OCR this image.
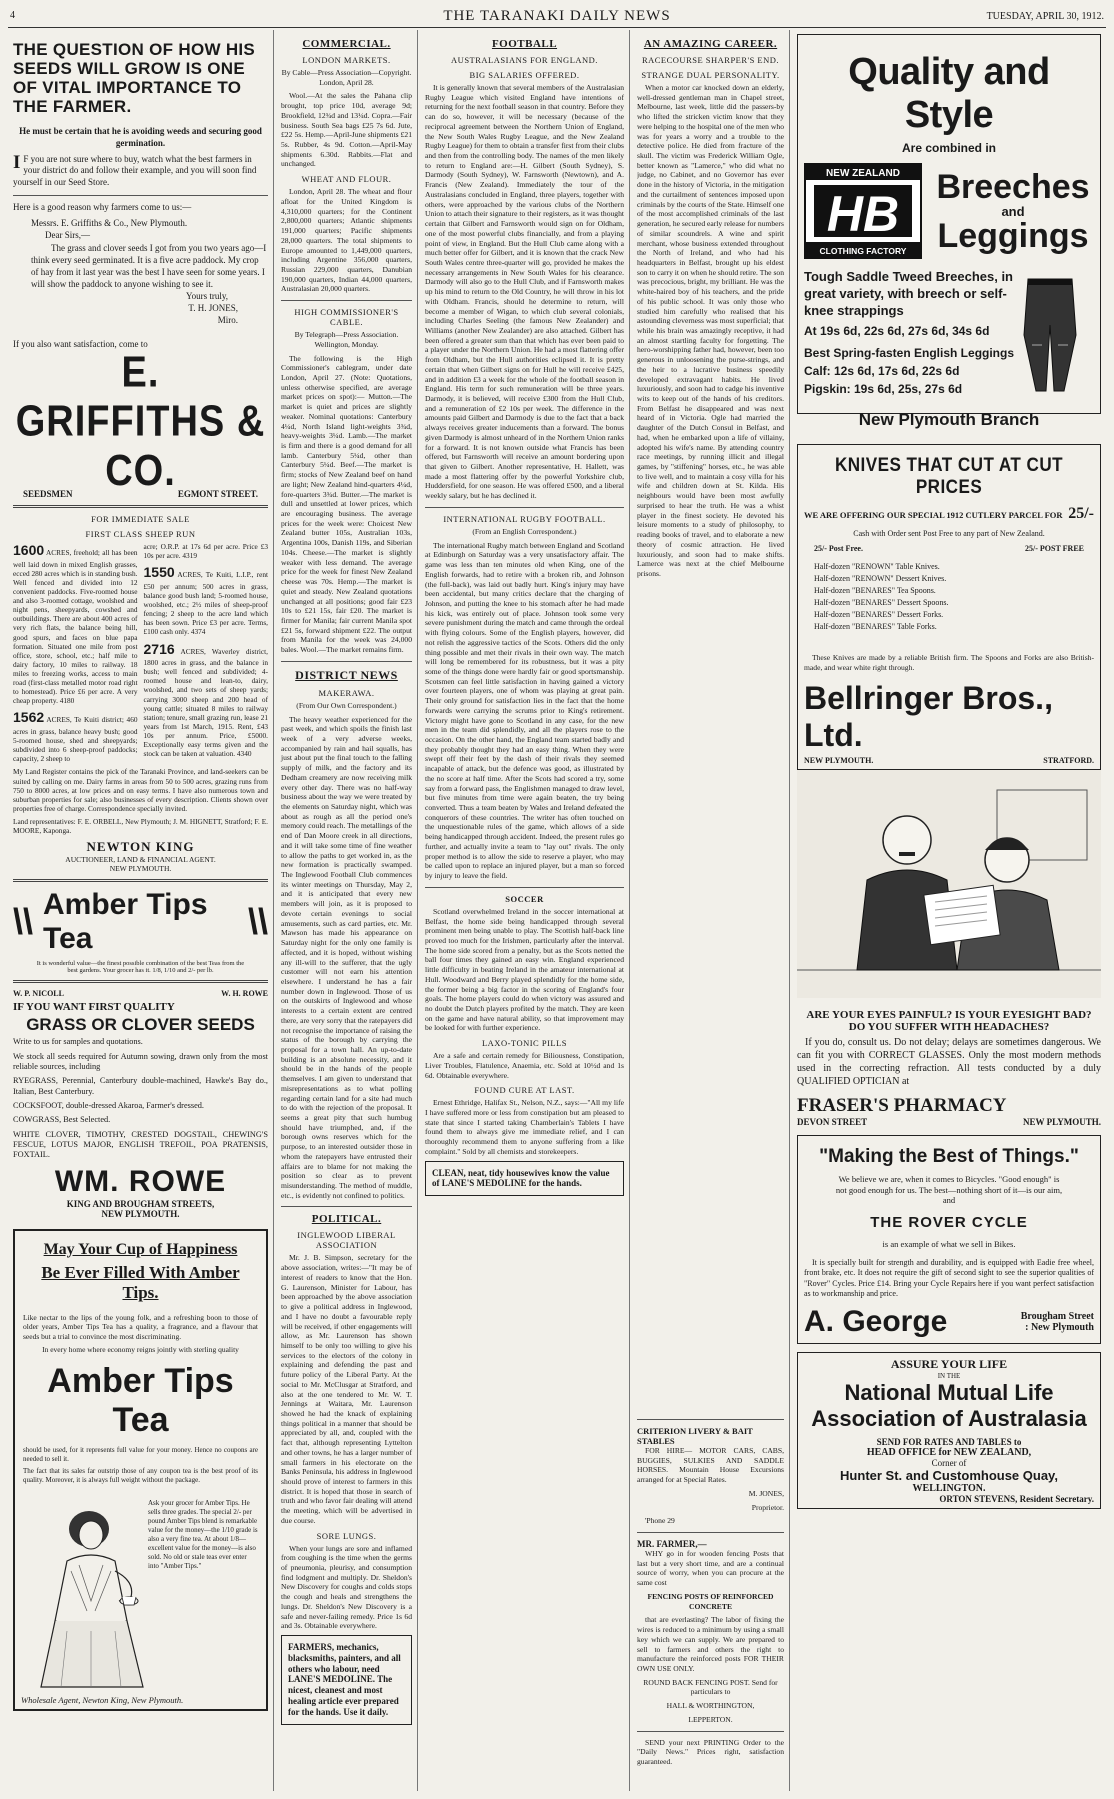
4	THE TARANAKI DAILY NEWS	TUESDAY, APRIL 30, 1912.
THE QUESTION OF HOW HIS SEEDS WILL GROW IS ONE OF VITAL IMPORTANCE TO THE FARMER.
He must be certain that he is avoiding weeds and securing good germination.
I F you are not sure where to buy, watch what the best farmers in your district do and follow their example, and you will soon find yourself in our Seed Store.
Here is a good reason why farmers come to us:—
Messrs. E. Griffiths & Co., New Plymouth.
Dear Sirs,—
The grass and clover seeds I got from you two years ago—I think every seed germinated. It is a five acre paddock. My crop of hay from it last year was the best I have seen for some years. I will show the paddock to anyone wishing to see it.
Yours truly,
T. H. JONES,
Miro.
If you also want satisfaction, come to
E. GRIFFITHS & CO.
SEEDSMEN	EGMONT STREET.
FOR IMMEDIATE SALE
FIRST CLASS SHEEP RUN
1600 ACRES, freehold; all has been well laid down in mixed English grasses, ecced 280 acres which is in standing bush. Well fenced and divided into 12 convenient paddocks. Five-roomed house and also 3-roomed cottage, woolshed and night pens, sheepyards, cowshed and outbuildings. There are about 400 acres of very rich flats, the balance being hill, good spurs, and faces on blue papa formation. Situated one mile from post office, store, school, etc.; half mile to dairy factory, 10 miles to railway. 18 miles to freezing works, access to main road (first-class metalled motor road right to homestead). Price £6 per acre. A very cheap property. 4180
1562 ACRES, Te Kuiti district; 460 acres in grass, balance heavy bush; good 5-roomed house, shed and sheepyards; subdivided into 6 sheep-proof paddocks; capacity, 2 sheep to
acre; O.R.P. at 17s 6d per acre. Price £3 10s per acre. 4319
1550 ACRES, Te Kuiti, L.I.P., rent £50 per annum; 500 acres in grass, balance good bush land; 5-roomed house, woolshed, etc.; 2½ miles of sheep-proof fencing; 2 sheep to the acre land which has been sown. Price £3 per acre. Terms, £100 cash only. 4374
2716 ACRES, Waverley district, 1800 acres in grass, and the balance in bush; well fenced and subdivided; 4-roomed house and lean-to, dairy, woolshed, and two sets of sheep yards; carrying 3000 sheep and 200 head of young cattle; situated 8 miles to railway station; tenure, small grazing run, lease 21 years from 1st March, 1915. Rent, £43 10s per annum. Price, £5000. Exceptionally easy terms given and the stock can be taken at valuation. 4340
My Land Register contains the pick of the Taranaki Province, and land-seekers can be suited by calling on me. Dairy farms in areas from 50 to 500 acres, grazing runs from 750 to 8000 acres, at low prices and on easy terms. I have also numerous town and suburban properties for sale; also businesses of every description. Clients shown over properties free of charge. Correspondence specially invited.
Land representatives: F. E. ORBELL, New Plymouth; J. M. HIGNETT, Stratford; F. E. MOORE, Kaponga.
NEWTON KING
AUCTIONEER, LAND & FINANCIAL AGENT.
NEW PLYMOUTH.
\\ Amber Tips Tea	\\
It is wonderful value—the finest possible combination of the best Teas from the best gardens. Your grocer has it. 1/8, 1/10 and 2/- per lb.
W. P. NICOLL	W. H. ROWE
IF YOU WANT FIRST QUALITY
GRASS OR CLOVER SEEDS
Write to us for samples and quotations.
We stock all seeds required for Autumn sowing, drawn only from the most reliable sources, including
RYEGRASS, Perennial, Canterbury double-machined, Hawke's Bay do., Italian, Best Canterbury.
COCKSFOOT, double-dressed Akaroa, Farmer's dressed.
COWGRASS, Best Selected.
WHITE CLOVER, TIMOTHY, CRESTED DOGSTAIL, CHEWING'S FESCUE, LOTUS MAJOR, ENGLISH TREFOIL, POA PRATENSIS, FOXTAIL.
WM. ROWE
KING AND BROUGHAM STREETS,
NEW PLYMOUTH.
May Your Cup of Happiness
Be Ever Filled With Amber Tips.
Like nectar to the lips of the young folk, and a refreshing boon to those of older years, Amber Tips Tea has a quality, a fragrance, and a flavour that seeds but a trial to convince the most discriminating.
In every home where economy reigns jointly with sterling quality
Amber Tips Tea
should be used, for it represents full value for your money. Hence no coupons are needed to sell it.
The fact that its sales far outstrip those of any coupon tea is the best proof of its quality. Moreover, it is always full weight without the package.
Ask your grocer for Amber Tips. He sells three grades. The special 2/- per pound Amber Tips blend is remarkable value for the money—the 1/10 grade is also a very fine tea. At about 1/8—excellent value for the money—is also sold. No old or stale teas ever enter into "Amber Tips."
Wholesale Agent, Newton King, New Plymouth.
COMMERCIAL.
LONDON MARKETS.
By Cable—Press Association—Copyright. London, April 28.
Wool.—At the sales the Pahana clip brought, top price 10d, average 9d; Brookfield, 12¾d and 13¼d. Copra.—Fair business. South Sea bags £25 7s 6d. Jute, £22 5s. Hemp.—April-June shipments £21 5s. Rubber, 4s 9d. Cotton.—April-May shipments 6.30d. Rabbits.—Flat and unchanged.
WHEAT AND FLOUR.
London, April 28. The wheat and flour afloat for the United Kingdom is 4,310,000 quarters; for the Continent 2,800,000 quarters; Atlantic shipments 191,000 quarters; Pacific shipments 28,000 quarters. The total shipments to Europe amounted to 1,449,000 quarters, including Argentine 356,000 quarters, Russian 229,000 quarters, Danubian 190,000 quarters, Indian 44,000 quarters, Australasian 20,000 quarters.
HIGH COMMISSIONER'S CABLE.
By Telegraph—Press Association. Wellington, Monday.
The following is the High Commissioner's cablegram, under date London, April 27. (Note: Quotations, unless otherwise specified, are average market prices on spot):— Mutton.—The market is quiet and prices are slightly weaker. Nominal quotations: Canterbury 4¼d, North Island light-weights 3¾d, heavy-weights 3¼d. Lamb.—The market is firm and there is a good demand for all lamb. Canterbury 5¼d, other than Canterbury 5¼d. Beef.—The market is firm; stocks of New Zealand beef on hand are light; New Zealand hind-quarters 4¼d, fore-quarters 3¾d. Butter.—The market is dull and unsettled at lower prices, which are encouraging business. The average prices for the week were: Choicest New Zealand butter 105s, Australian 103s, Argentina 100s, Danish 119s, and Siberian 104s. Cheese.—The market is slightly weaker with less demand. The average price for the week for finest New Zealand cheese was 70s. Hemp.—The market is quiet and steady. New Zealand quotations unchanged at all positions; good fair £23 10s to £21 15s, fair £20. The market is firmer for Manila; fair current Manila spot £21 5s, forward shipment £22. The output from Manila for the week was 24,000 bales. Wool.—The market remains firm.
DISTRICT NEWS
MAKERAWA.
(From Our Own Correspondent.)
The heavy weather experienced for the past week, and which spoils the finish last week of a very adverse weeks, accompanied by rain and hail squalls, has just about put the final touch to the falling supply of milk, and the factory and its Dedham creamery are now receiving milk every other day. There was no half-way business about the way we were treated by the elements on Saturday night, which was about as rough as all the period one's memory could reach. The metallings of the end of Dan Moore creek in all directions, and it will take some time of fine weather to allow the paths to get worked in, as the new formation is practically swamped. The Inglewood Football Club commences its winter meetings on Thursday, May 2, and it is anticipated that every new members will join, as it is proposed to devote certain evenings to social amusements, such as card parties, etc. Mr. Mawson has made his appearance on Saturday night for the only one family is affected, and it is hoped, without wishing any ill-will to the sufferer, that the ugly customer will not earn his attention elsewhere. I understand he has a fair number down in Inglewood. Those of us on the outskirts of Inglewood and whose interests to a certain extent are centred there, are very sorry that the ratepayers did not recognise the importance of raising the status of the borough by carrying the proposal for a town hall. An up-to-date building is an absolute necessity, and it should be in the hands of the people themselves. I am given to understand that misrepresentations as to what polling regarding certain land for a site had much to do with the rejection of the proposal. It seems a great pity that such humbug should have triumphed, and, if the borough owns reserves which for the purpose, to an interested outsider those in whom the ratepayers have entrusted their affairs are to blame for not making the position so clear as to prevent misunderstanding. The method of muddle, etc., is evidently not confined to politics.
POLITICAL.
INGLEWOOD LIBERAL ASSOCIATION
Mr. J. B. Simpson, secretary for the above association, writes:—"It may be of interest of readers to know that the Hon. G. Laurenson, Minister for Labour, has been approached by the above association to give a political address in Inglewood, and I have no doubt a favourable reply will be received, if other engagements will allow, as Mr. Laurenson has shown himself to be only too willing to give his services to the electors of the colony in explaining and defending the past and future policy of the Liberal Party. At the social to Mr. McClusgar at Stratford, and also at the one tendered to Mr. W. T. Jennings at Waitara, Mr. Laurenson showed he had the knack of explaining things political in a manner that should be appreciated by all, and, coupled with the fact that, although representing Lyttelton and other towns, he has a larger number of small farmers in his electorate on the Banks Peninsula, his address in Inglewood should prove of interest to farmers in this district. It is hoped that those in search of truth and who favor fair dealing will attend the meeting, which will be advertised in due course.
SORE LUNGS.
When your lungs are sore and inflamed from coughing is the time when the germs of pneumonia, pleurisy, and consumption find lodgment and multiply. Dr. Sheldon's New Discovery for coughs and colds stops the cough and heals and strengthens the lungs. Dr. Sheldon's New Discovery is a safe and never-failing remedy. Price 1s 6d and 3s. Obtainable everywhere.
FARMERS, mechanics, blacksmiths, painters, and all others who labour, need LANE'S MEDOLINE. The nicest, cleanest and most healing article ever prepared for the hands. Use it daily.
FOOTBALL
AUSTRALASIANS FOR ENGLAND.
BIG SALARIES OFFERED.
It is generally known that several members of the Australasian Rugby League which visited England have intentions of returning for the next football season in that country. Before they can do so, however, it will be necessary (because of the reciprocal agreement between the Northern Union of England, the New South Wales Rugby League, and the New Zealand Rugby League) for them to obtain a transfer first from their clubs and then from the controlling body. The names of the men likely to return to England are:—H. Gilbert (South Sydney), S. Darmody (South Sydney), W. Farnsworth (Newtown), and A. Francis (New Zealand). Immediately the tour of the Australasians concluded in England, three players, together with others, were approached by the various clubs of the Northern Union to attach their signature to their registers, as it was thought certain that Gilbert and Farnsworth would sign on for Oldham, one of the most powerful clubs financially, and from a playing point of view, in England. But the Hull Club came along with a much better offer for Gilbert, and it is known that the crack New South Wales centre three-quarter will go, provided he makes the necessary arrangements in New South Wales for his clearance. Darmody will also go to the Hull Club, and if Farnsworth makes up his mind to return to the Old Country, he will throw in his lot with Oldham. Francis, should he determine to return, will become a member of Wigan, to which club several colonials, including Charles Seeling (the famous New Zealander) and Williams (another New Zealander) are also attached. Gilbert has been offered a greater sum than that which has ever been paid to a player under the Northern Union. He had a most flattering offer from Oldham, but the Hull authorities eclipsed it. It is pretty certain that when Gilbert signs on for Hull he will receive £425, and in addition £3 a week for the whole of the football season in England. His term for such remuneration will be three years. Darmody, it is believed, will receive £300 from the Hull Club, and a remuneration of £2 10s per week. The difference in the amounts paid Gilbert and Darmody is due to the fact that a back always receives greater inducements than a forward. The bonus given Darmody is almost unheard of in the Northern Union ranks for a forward. It is not known outside what Francis has been offered, but Farnsworth will receive an amount bordering upon that given to Gilbert. Another representative, H. Hallett, was made a most flattering offer by the powerful Yorkshire club, Huddersfield, for one season. He was offered £500, and a liberal weekly salary, but he has declined it.
INTERNATIONAL RUGBY FOOTBALL.
(From an English Correspondent.)
The international Rugby match between England and Scotland at Edinburgh on Saturday was a very unsatisfactory affair. The game was less than ten minutes old when King, one of the English forwards, had to retire with a broken rib, and Johnson (the full-back), was laid out badly hurt. King's injury may have been accidental, but many critics declare that the charging of Johnson, and putting the knee to his stomach after he had made his kick, was entirely out of place. Johnson took some very severe punishment during the match and came through the ordeal with flying colours. Some of the English players, however, did not relish the aggressive tactics of the Scots. Others did the only thing possible and met their rivals in their own way. The match will long be remembered for its robustness, but it was a pity some of the things done were hardly fair or good sportsmanship. Scotsmen can feel little satisfaction in having gained a victory over fourteen players, one of whom was playing at great pain. Their only ground for satisfaction lies in the fact that the home forwards were carrying the scrums prior to King's retirement. Victory might have gone to Scotland in any case, for the new men in the team did splendidly, and all the players rose to the occasion. On the other hand, the England team started badly and they probably thought they had an easy thing. When they were swept off their feet by the dash of their rivals they seemed incapable of attack, but the defence was good, as illustrated by the no score at half time. After the Scots had scored a try, some say from a forward pass, the Englishmen managed to draw level, but five minutes from time were again beaten, the try being converted. Thus a team beaten by Wales and Ireland defeated the conquerors of these countries. The writer has often touched on the unquestionable rules of the game, which allows of a side being handicapped through accident. Indeed, the present rules go further, and actually invite a team to "lay out" rivals. The only proper method is to allow the side to reserve a player, who may be called upon to replace an injured player, but a man so forced by injury to leave the field.
SOCCER
Scotland overwhelmed Ireland in the soccer international at Belfast, the home side being handicapped through several prominent men being unable to play. The Scottish half-back line proved too much for the Irishmen, particularly after the interval. The home side scored from a penalty, but as the Scots netted the ball four times they gained an easy win. England experienced little difficulty in beating Ireland in the amateur international at Hull. Woodward and Berry played splendidly for the home side, the former being a big factor in the scoring of England's four goals. The home players could do when victory was assured and no doubt the Dutch players profited by the match. They are keen on the game and have natural ability, so that improvement may be looked for with further experience.
LAXO-TONIC PILLS
Are a safe and certain remedy for Biliousness, Constipation, Liver Troubles, Flatulence, Anaemia, etc. Sold at 10½d and 1s 6d. Obtainable everywhere.
FOUND CURE AT LAST.
Ernest Ethridge, Halifax St., Nelson, N.Z., says:—"All my life I have suffered more or less from constipation but am pleased to state that since I started taking Chamberlain's Tablets I have found them to always give me immediate relief, and I can thoroughly recommend them to anyone suffering from a like complaint." Sold by all chemists and storekeepers.
CLEAN, neat, tidy housewives know the value of LANE'S MEDOLINE for the hands.
AN AMAZING CAREER.
RACECOURSE SHARPER'S END.
STRANGE DUAL PERSONALITY.
When a motor car knocked down an elderly, well-dressed gentleman man in Chapel street, Melbourne, last week, little did the passers-by who lifted the stricken victim know that they were helping to the hospital one of the men who was for years a worry and a trouble to the detective police. He died from fracture of the skull. The victim was Frederick William Ogle, better known as "Lamerce," who did what no judge, no Cabinet, and no Governor has ever done in the history of Victoria, in the mitigation and the curtailment of sentences imposed upon criminals by the courts of the State. Himself one of the most accomplished criminals of the last generation, he secured early release for numbers of similar scoundrels. A wine and spirit merchant, whose business extended throughout the North of Ireland, and who had his headquarters in Belfast, brought up his eldest son to carry it on when he should retire. The son was precocious, bright, my brilliant. He was the white-haired boy of his teachers, and the pride of his public school. It was only those who studied him carefully who realised that his astounding cleverness was most superficial; that while his brain was amazingly receptive, it had an almost startling faculty for forgetting. The hero-worshipping father had, however, been too generous in unloosening the purse-strings, and the heir to a lucrative business speedily developed extravagant habits. He lived luxuriously, and soon had to cadge his inventive wits to keep out of the hands of his creditors. From Belfast he disappeared and was next heard of in Victoria. Ogle had married the daughter of the Dutch Consul in Belfast, and had, when he embarked upon a life of villainy, adopted his wife's name. By attending country race meetings, by running illicit and illegal games, by "stiffening" horses, etc., he was able to live well, and to maintain a cosy villa for his wife and children down at St. Kilda. His neighbours would have been most awfully surprised to hear the truth. He was a whist player in the finest society. He devoted his leisure moments to a study of philosophy, to reading books of travel, and to elaborate a new theory of cosmic attraction. He lived luxuriously, and soon had to make shifts. Lamerce was next at the chief Melbourne prisons.
CRITERION LIVERY & BAIT STABLES
FOR HIRE— MOTOR CARS, CABS, BUGGIES, SULKIES AND SADDLE HORSES. Mountain House Excursions arranged for at Special Rates.
M. JONES,
Proprietor.
'Phone 29
MR. FARMER,—
WHY go in for wooden fencing Posts that last but a very short time, and are a continual source of worry, when you can procure at the same cost
FENCING POSTS OF REINFORCED CONCRETE
that are everlasting? The labor of fixing the wires is reduced to a minimum by using a small key which we can supply. We are prepared to sell to farmers and others the right to manufacture the reinforced posts FOR THEIR OWN USE ONLY.
ROUND BACK FENCING POST. Send for particulars to
HALL & WORTHINGTON,
LEPPERTON.
SEND your next PRINTING Order to the "Daily News." Prices right, satisfaction guaranteed.
Quality and Style
Are combined in
NEW ZEALAND
HB
CLOTHING FACTORY
Breeches
and
Leggings
Tough Saddle Tweed Breeches, in great variety, with breech or self-knee strappings
At 19s 6d, 22s 6d, 27s 6d, 34s 6d
Best Spring-fasten English Leggings
Calf: 12s 6d, 17s 6d, 22s 6d
Pigskin: 19s 6d, 25s, 27s 6d
New Plymouth Branch
KNIVES THAT CUT AT CUT PRICES
WE ARE OFFERING OUR SPECIAL 1912 CUTLERY PARCEL FOR 25/-
Cash with Order sent Post Free to any part of New Zealand.
25/- Post Free.	25/- POST FREE
Half-dozen "RENOWN" Table Knives.
Half-dozen "RENOWN" Dessert Knives.
Half-dozen "BENARES" Tea Spoons.
Half-dozen "BENARES" Dessert Spoons.
Half-dozen "BENARES" Dessert Forks.
Half-dozen "BENARES" Table Forks.
These Knives are made by a reliable British firm. The Spoons and Forks are also British-made, and wear white right through.
Bellringer Bros., Ltd.
NEW PLYMOUTH.	STRATFORD.
ARE YOUR EYES PAINFUL? IS YOUR EYESIGHT BAD? DO YOU SUFFER WITH HEADACHES?
If you do, consult us. Do not delay; delays are sometimes dangerous. We can fit you with CORRECT GLASSES. Only the most modern methods used in the correcting refraction. All tests conducted by a duly QUALIFIED OPTICIAN at
FRASER'S PHARMACY
DEVON STREET	NEW PLYMOUTH.
"Making the Best of Things."
We believe we are, when it comes to Bicycles. "Good enough" is not good enough for us. The best—nothing short of it—is our aim, and
THE ROVER CYCLE
is an example of what we sell in Bikes.
It is specially built for strength and durability, and is equipped with Eadie free wheel, front brake, etc. It does not require the gift of second sight to see the superior qualities of "Rover" Cycles. Price £14. Bring your Cycle Repairs here if you want perfect satisfaction as to workmanship and price.
A. George	Brougham Street
: New Plymouth
ASSURE YOUR LIFE
IN THE
National Mutual Life
Association of Australasia
SEND FOR RATES AND TABLES to
HEAD OFFICE for NEW ZEALAND,
Corner of
Hunter St. and Customhouse Quay,
WELLINGTON.
ORTON STEVENS, Resident Secretary.
